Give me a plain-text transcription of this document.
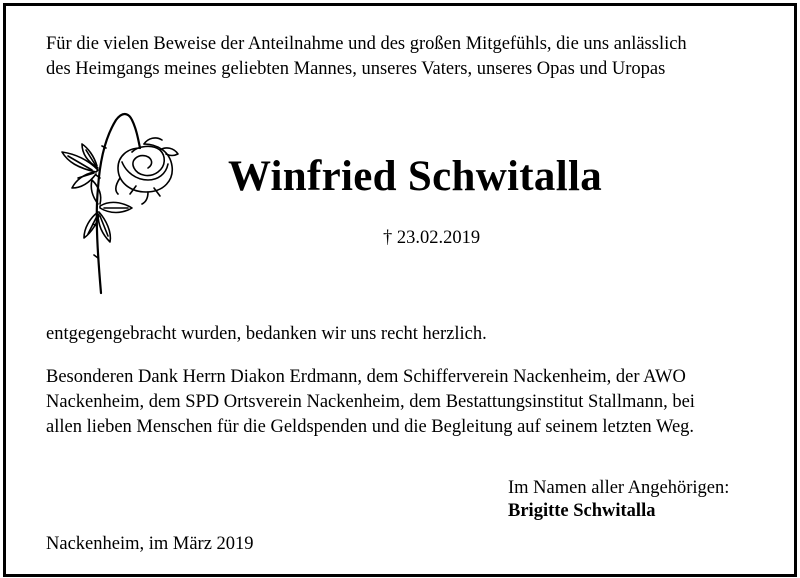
Für die vielen Beweise der Anteilnahme und des großen Mitgefühls, die uns anlässlich
des Heimgangs meines geliebten Mannes, unseres Vaters, unseres Opas und Uropas
Winfried Schwitalla
† 23.02.2019
entgegengebracht wurden, bedanken wir uns recht herzlich.
Besonderen Dank Herrn Diakon Erdmann, dem Schifferverein Nackenheim, der AWO
Nackenheim, dem SPD Ortsverein Nackenheim, dem Bestattungsinstitut Stallmann, bei
allen lieben Menschen für die Geldspenden und die Begleitung auf seinem letzten Weg.
Im Namen aller Angehörigen:
Brigitte Schwitalla
Nackenheim, im März 2019
